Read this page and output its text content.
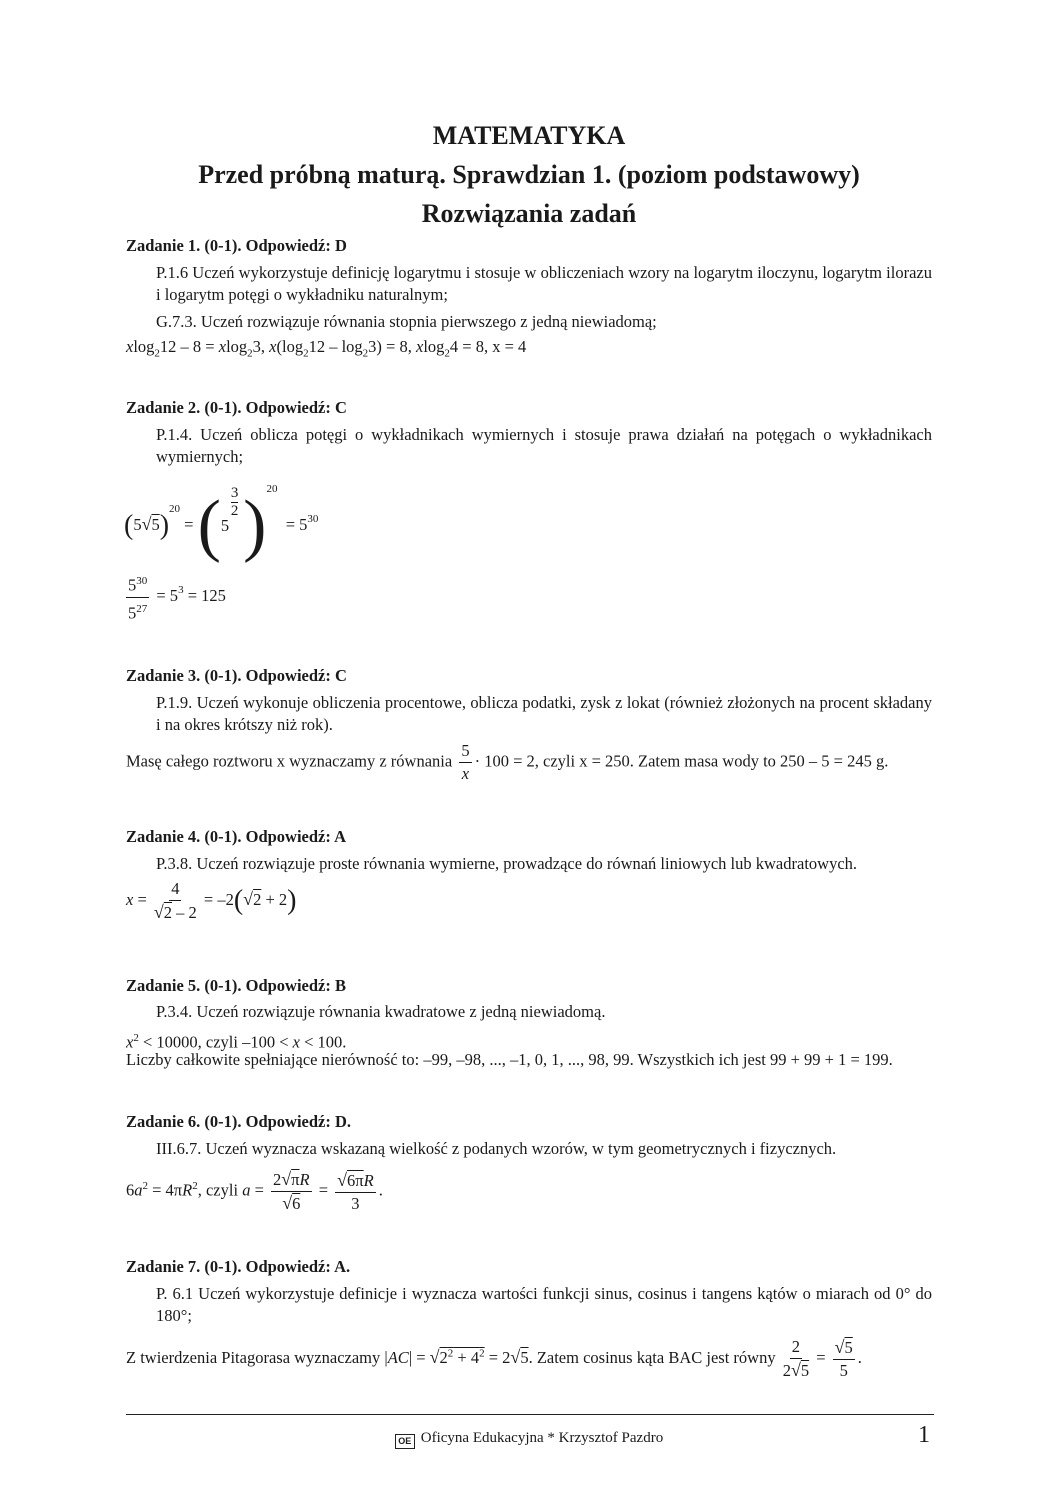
MATEMATYKA
Przed próbną maturą. Sprawdzian 1. (poziom podstawowy)
Rozwiązania zadań
Zadanie 1. (0-1). Odpowiedź: D
P.1.6 Uczeń wykorzystuje definicję logarytmu i stosuje w obliczeniach wzory na logarytm iloczynu, logarytm ilorazu i logarytm potęgi o wykładniku naturalnym;
G.7.3. Uczeń rozwiązuje równania stopnia pierwszego z jedną niewiadomą;
xlog$_2$12 – 8 = xlog$_2$3, $x(\log_212 - \log_23) = 8$, xlog$_2$4 = 8, x = 4
Zadanie 2. (0-1). Odpowiedź: C
P.1.4. Uczeń oblicza potęgi o wykładnikach wymiernych i stosuje prawa działań na potęgach o wykładnikach wymiernych;
$(5√5)^{20} = (5$
3
2 )$^{20} = 5^{30}$
$\frac{5^{30}}{5^{27}} = 5^3 = 125$
Zadanie 3. (0-1). Odpowiedź: C
P.1.9. Uczeń wykonuje obliczenia procentowe, oblicza podatki, zysk z lokat (również złożonych na procent składany i na okres krótszy niż rok).
Masę całego roztworu x wyznaczamy z równania $\frac{5}{x} \cdot 100 = 2$, czyli x = 250. Zatem masa wody to 250 – 5 = 245 g.
Zadanie 4. (0-1). Odpowiedź: A
P.3.8. Uczeń rozwiązuje proste równania wymierne, prowadzące do równań liniowych lub kwadratowych.
$x = \frac{4}{√2 - 2} = -2(√2 + 2)$
Zadanie 5. (0-1). Odpowiedź: B
P.3.4. Uczeń rozwiązuje równania kwadratowe z jedną niewiadomą.
$x^2 < 10000$, czyli –100 < x < 100.
Liczby całkowite spełniające nierówność to: –99, –98, ..., –1, 0, 1, ..., 98, 99. Wszystkich ich jest 99 + 99 + 1 = 199.
Zadanie 6. (0-1). Odpowiedź: D.
III.6.7. Uczeń wyznacza wskazaną wielkość z podanych wzorów, w tym geometrycznych i fizycznych.
$6a^2 = 4\pi R^2$, czyli $a = \frac{2√\pi R}{√6} = \frac{√6\pi R}{3}$ .
Zadanie 7. (0-1). Odpowiedź: A.
P. 6.1 Uczeń wykorzystuje definicje i wyznacza wartości funkcji sinus, cosinus i tangens kątów o miarach od 0° do 180°;
Z twierdzenia Pitagorasa wyznaczamy $|AC| = √2^2 + 4^2 = 2√5$. Zatem cosinus kąta BAC jest równy $\frac{2}{2√5} = \frac{√5}{5}$ .
OE Oficyna Edukacyjna * Krzysztof Pazdro	1
